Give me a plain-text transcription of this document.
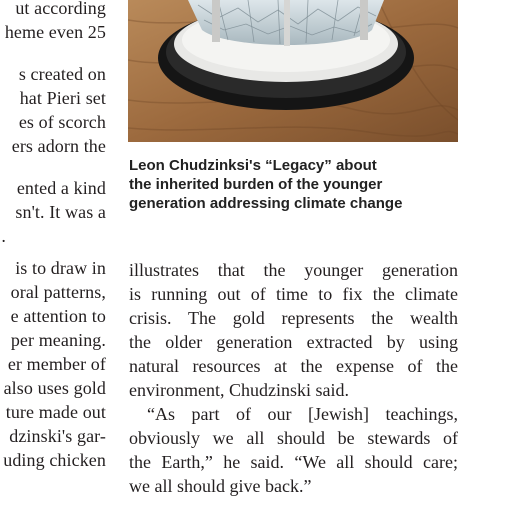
ut according
heme even 25
s created on
hat Pieri set
es of scorch
ers adorn the
ented a kind
sn't. It was a
.
is to draw in
oral patterns,
e attention to
per meaning.
er member of
also uses gold
ture made out
dzinski's gar-
uding chicken
Leon Chudzinksi's “Legacy” about
the inherited burden of the younger
generation addressing climate change
illustrates that the younger generation
is running out of time to fix the climate
crisis. The gold represents the wealth
the older generation extracted by using
natural resources at the expense of the
environment, Chudzinski said.
“As part of our [Jewish] teachings,
obviously we all should be stewards of
the Earth,” he said. “We all should care;
we all should give back.”
